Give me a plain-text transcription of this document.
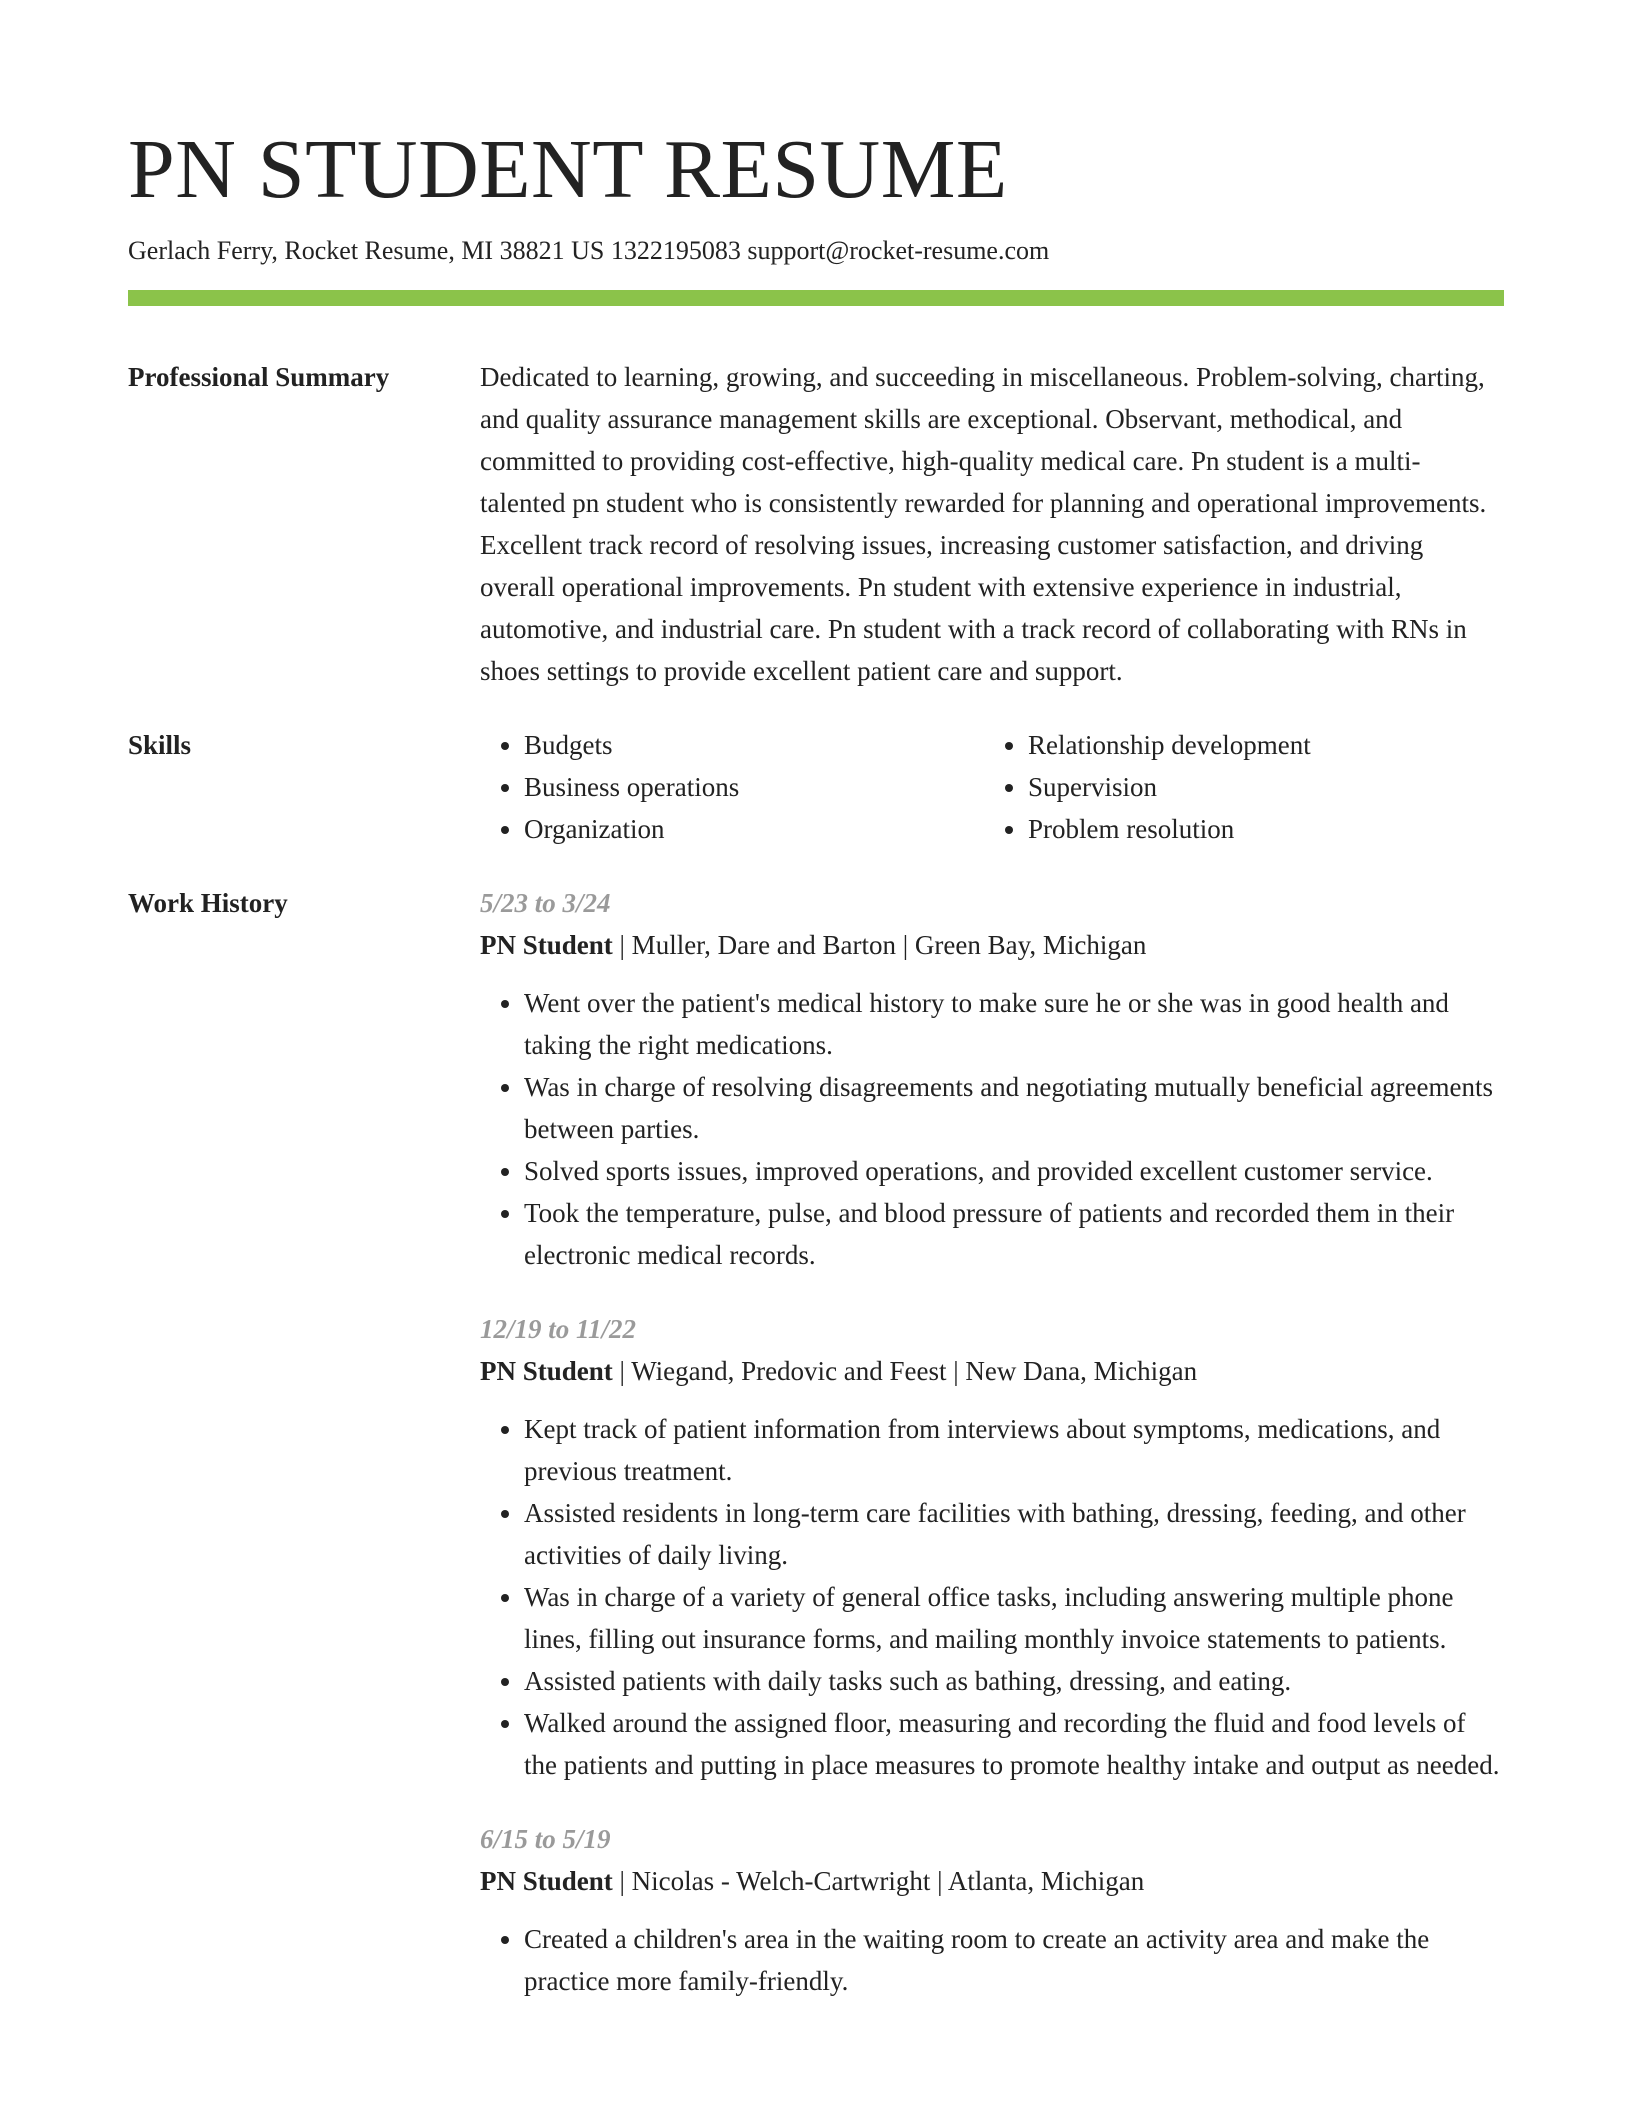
PN STUDENT RESUME
Gerlach Ferry, Rocket Resume, MI 38821 US 1322195083 support@rocket-resume.com
Professional Summary	Dedicated to learning, growing, and succeeding in miscellaneous. Problem-solving, charting, and quality assurance management skills are exceptional. Observant, methodical, and committed to providing cost-effective, high-quality medical care. Pn student is a multi-talented pn student who is consistently rewarded for planning and operational improvements. Excellent track record of resolving issues, increasing customer satisfaction, and driving overall operational improvements. Pn student with extensive experience in industrial, automotive, and industrial care. Pn student with a track record of collaborating with RNs in shoes settings to provide excellent patient care and support.

Skills
•	Budgets
• Business operations
• Organization
• Relationship development
• Supervision
• Problem resolution
Work History	5/23 to 3/24
PN Student | Muller, Dare and Barton | Green Bay, Michigan
• Went over the patient's medical history to make sure he or she was in good health and taking the right medications.
• Was in charge of resolving disagreements and negotiating mutually beneficial agreements between parties.
• Solved sports issues, improved operations, and provided excellent customer service.
• Took the temperature, pulse, and blood pressure of patients and recorded them in their electronic medical records.
12/19 to 11/22
PN Student | Wiegand, Predovic and Feest | New Dana, Michigan
• Kept track of patient information from interviews about symptoms, medications, and previous treatment.
• Assisted residents in long-term care facilities with bathing, dressing, feeding, and other activities of daily living.
• Was in charge of a variety of general office tasks, including answering multiple phone lines, filling out insurance forms, and mailing monthly invoice statements to patients.
• Assisted patients with daily tasks such as bathing, dressing, and eating.
• Walked around the assigned floor, measuring and recording the fluid and food levels of the patients and putting in place measures to promote healthy intake and output as needed.
6/15 to 5/19
PN Student | Nicolas - Welch-Cartwright | Atlanta, Michigan
• Created a children's area in the waiting room to create an activity area and make the practice more family-friendly.
